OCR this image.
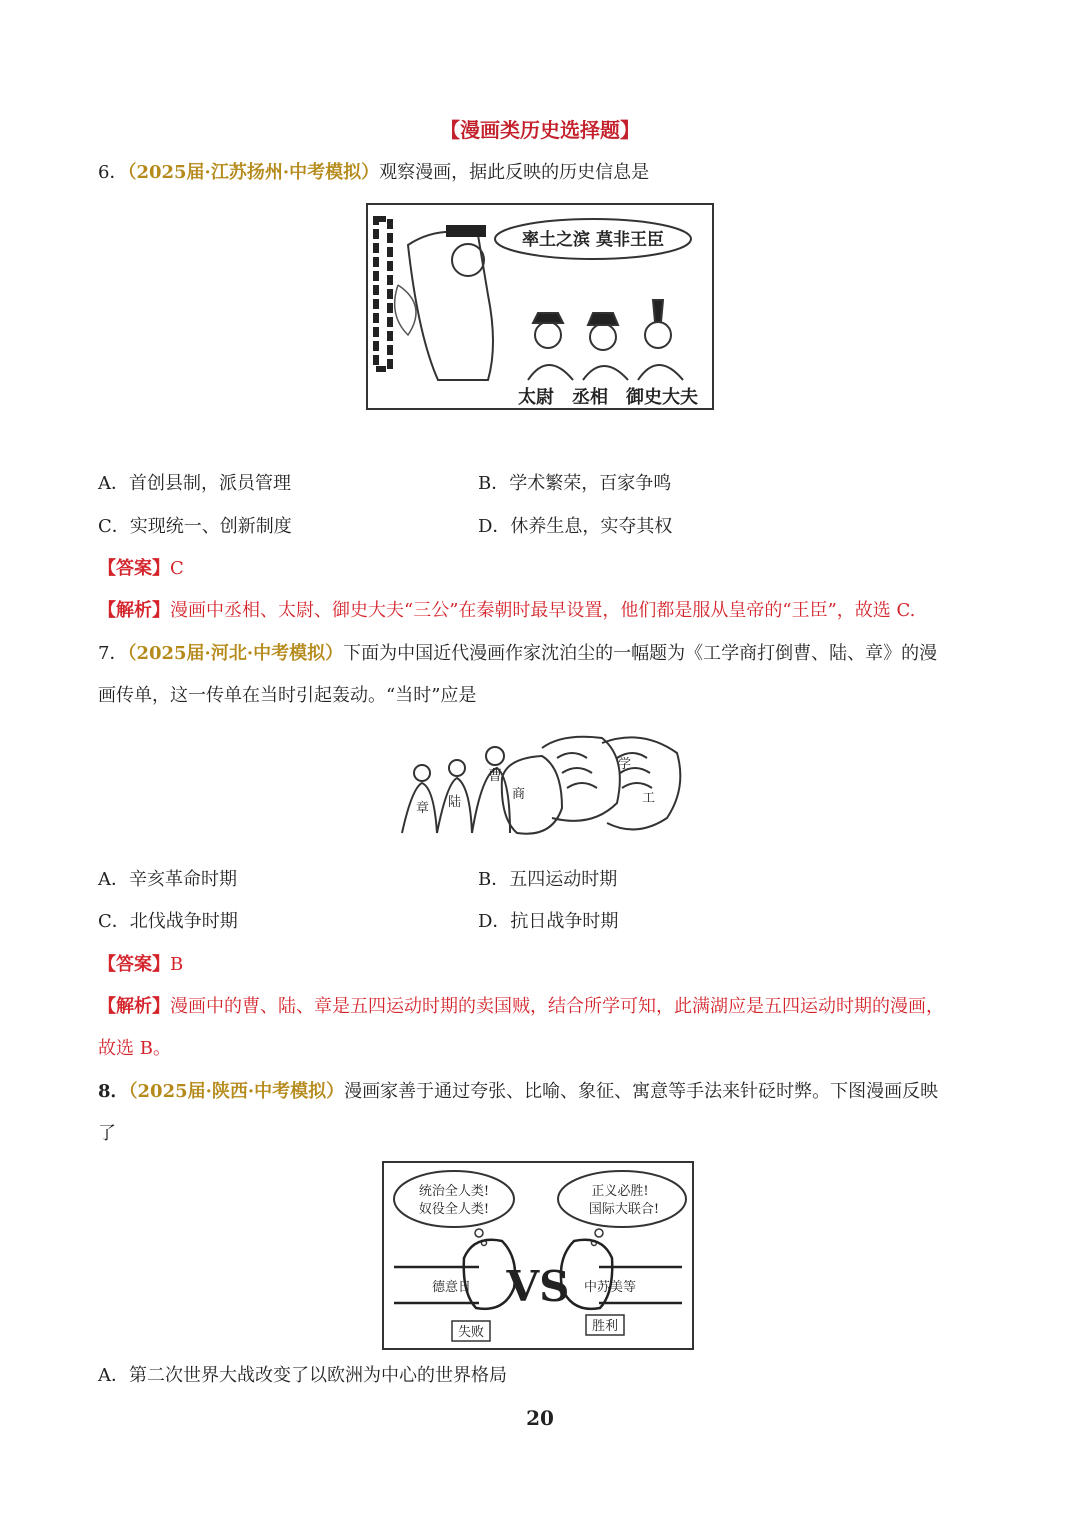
【漫画类历史选择题】
6．（2025届·江苏扬州·中考模拟）观察漫画，据此反映的历史信息是
率土之滨 莫非王臣
太尉　丞相　御史大夫
A．首创县制，派员管理	B．学术繁荣，百家争鸣
C．实现统一、创新制度	D．休养生息，实夺其权
【答案】C
【解析】漫画中丞相、太尉、御史大夫“三公”在秦朝时最早设置，他们都是服从皇帝的“王臣”，故选 C.
7．（2025届·河北·中考模拟）下面为中国近代漫画作家沈泊尘的一幅题为《工学商打倒曹、陆、章》的漫
画传单，这一传单在当时引起轰动。“当时”应是
章 陆
曹
商
学
工
A．辛亥革命时期	B．五四运动时期
C．北伐战争时期	D．抗日战争时期
【答案】B
【解析】漫画中的曹、陆、章是五四运动时期的卖国贼，结合所学可知，此满湖应是五四运动时期的漫画，
故选 B。
8．（2025届·陕西·中考模拟）漫画家善于通过夸张、比喻、象征、寓意等手法来针砭时弊。下图漫画反映
了
统治全人类!
奴役全人类!
正义必胜!
国际大联合!
VS
德意日	中苏美等
失败	胜利
A．第二次世界大战改变了以欧洲为中心的世界格局
20
